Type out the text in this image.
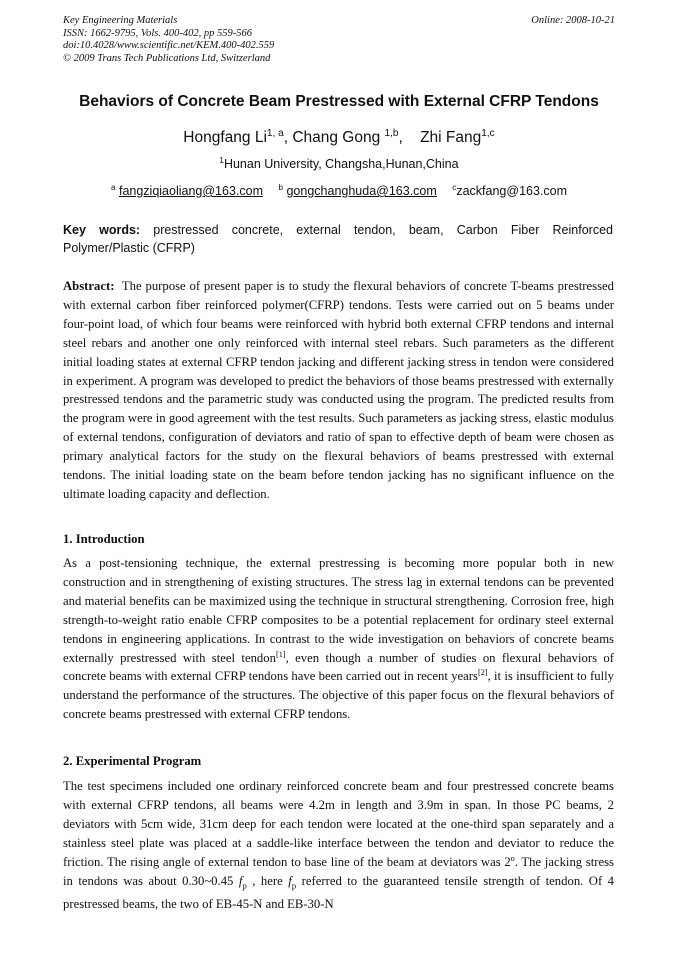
Key Engineering Materials
ISSN: 1662-9795, Vols. 400-402, pp 559-566
doi:10.4028/www.scientific.net/KEM.400-402.559
© 2009 Trans Tech Publications Ltd, Switzerland
Online: 2008-10-21
Behaviors of Concrete Beam Prestressed with External CFRP Tendons
Hongfang Li$^{1, a}$, Chang Gong $^{1,b}$,    Zhi Fang$^{1,c}$
$^1$Hunan University, Changsha,Hunan,China
$^a$ fangziqiaoliang@163.com $^b$ gongchanghuda@163.com $^c$zackfang@163.com
Key words: prestressed concrete, external tendon, beam, Carbon Fiber Reinforced Polymer/Plastic (CFRP)
Abstract:  The purpose of present paper is to study the flexural behaviors of concrete T-beams prestressed with external carbon fiber reinforced polymer(CFRP) tendons. Tests were carried out on 5 beams under four-point load, of which four beams were reinforced with hybrid both external CFRP tendons and internal steel rebars and another one only reinforced with internal steel rebars. Such parameters as the different initial loading states at external CFRP tendon jacking and different jacking stress in tendon were considered in experiment. A program was developed to predict the behaviors of those beams prestressed with externally prestressed tendons and the parametric study was conducted using the program. The predicted results from the program were in good agreement with the test results. Such parameters as jacking stress, elastic modulus of external tendons, configuration of deviators and ratio of span to effective depth of beam were chosen as primary analytical factors for the study on the flexural behaviors of beams prestressed with external tendons. The initial loading state on the beam before tendon jacking has no significant influence on the ultimate loading capacity and deflection.
1. Introduction
As a post-tensioning technique, the external prestressing is becoming more popular both in new construction and in strengthening of existing structures. The stress lag in external tendons can be prevented and material benefits can be maximized using the technique in structural strengthening. Corrosion free, high strength-to-weight ratio enable CFRP composites to be a potential replacement for ordinary steel external tendons in engineering applications. In contrast to the wide investigation on behaviors of concrete beams externally prestressed with steel tendon[1], even though a number of studies on flexural behaviors of concrete beams with external CFRP tendons have been carried out in recent years[2], it is insufficient to fully understand the performance of the structures. The objective of this paper focus on the flexural behaviors of concrete beams prestressed with external CFRP tendons.
2. Experimental Program
The test specimens included one ordinary reinforced concrete beam and four prestressed concrete beams with external CFRP tendons, all beams were 4.2m in length and 3.9m in span. In those PC beams, 2 deviators with 5cm wide, 31cm deep for each tendon were located at the one-third span separately and a stainless steel plate was placed at a saddle-like interface between the tendon and deviator to reduce the friction. The rising angle of external tendon to base line of the beam at deviators was 2$^o$. The jacking stress in tendons was about 0.30~0.45 $f_p$ , here $f_p$ referred to the guaranteed tensile strength of tendon. Of 4 prestressed beams, the two of EB-45-N and EB-30-N
